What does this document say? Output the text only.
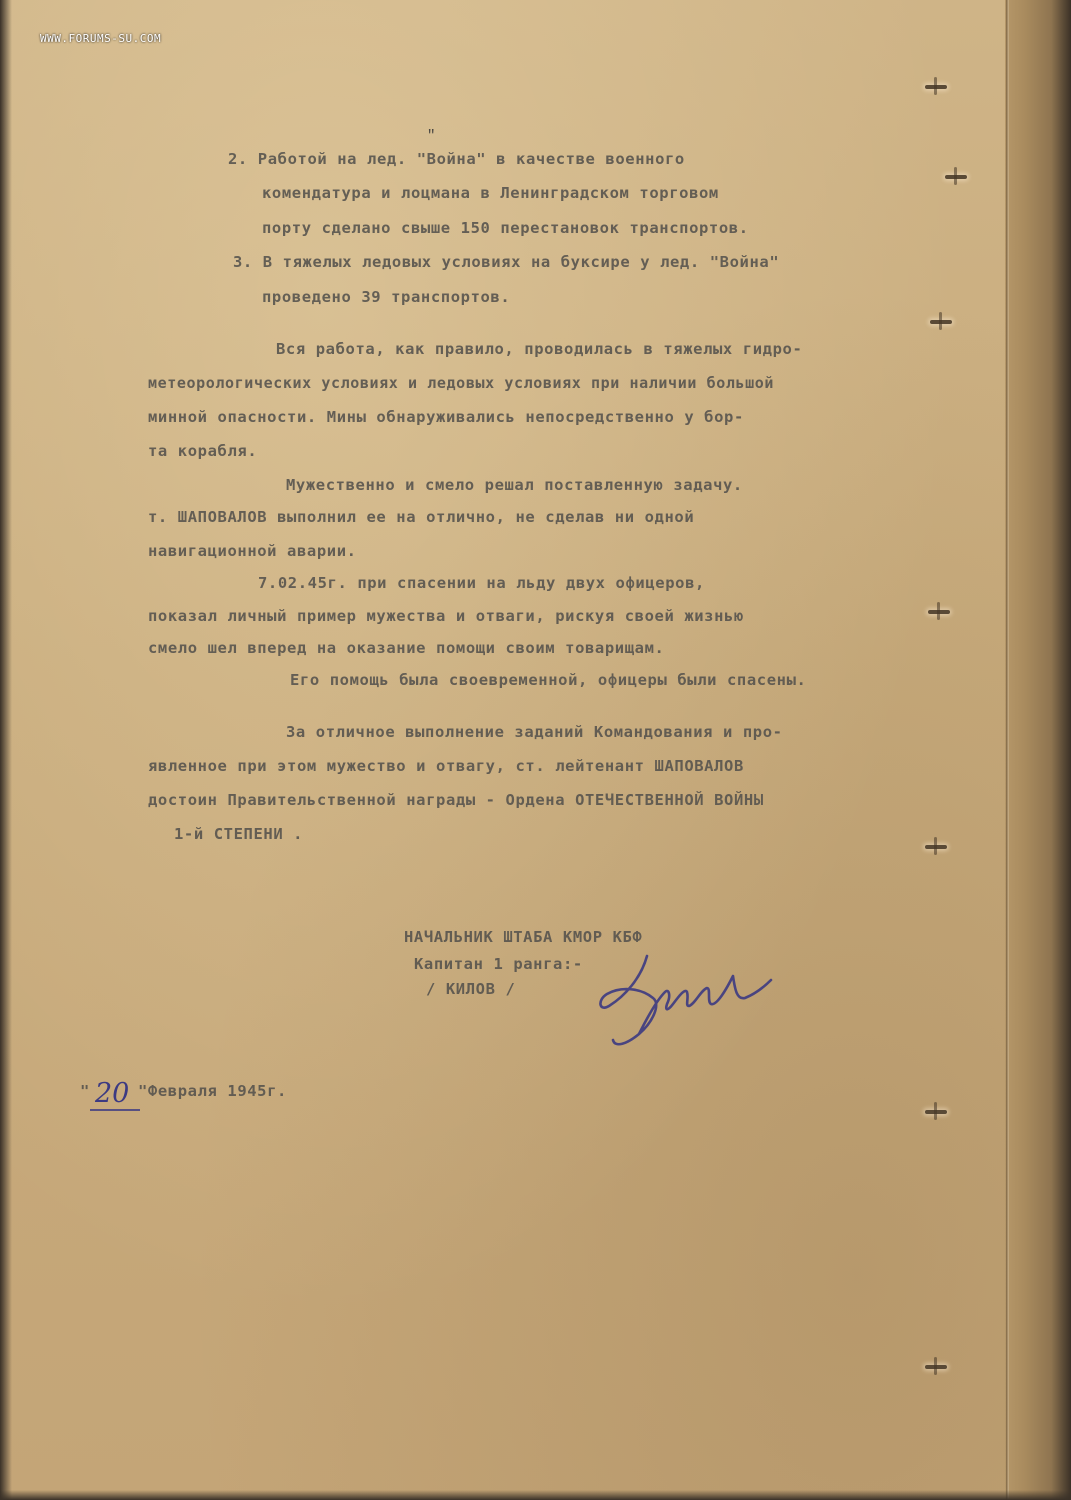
WWW.FORUMS-SU.COM
"
2. Работой на лед. "Война" в качестве военного
комендатура и лоцмана в Ленинградском торговом
порту сделано свыше 150 перестановок транспортов.
3. В тяжелых ледовых условиях на буксире у лед. "Война"
проведено 39 транспортов.
Вся работа, как правило, проводилась в тяжелых гидро-
метеорологических условиях и ледовых условиях при наличии большой
минной опасности. Мины обнаруживались непосредственно у бор-
та корабля.
Мужественно и смело решал поставленную задачу.
т. ШАПОВАЛОВ выполнил ее на отлично, не сделав ни одной
навигационной аварии.
7.02.45г. при спасении на льду двух офицеров,
показал личный пример мужества и отваги, рискуя своей жизнью
смело шел вперед на оказание помощи своим товарищам.
Его помощь была своевременной, офицеры были спасены.
За отличное выполнение заданий Командования и про-
явленное при этом мужество и отвагу, ст. лейтенант ШАПОВАЛОВ
достоин Правительственной награды - Ордена ОТЕЧЕСТВЕННОЙ ВОЙНЫ
1-й СТЕПЕНИ .
НАЧАЛЬНИК ШТАБА КМОР КБФ
Капитан 1 ранга:-
/ КИЛОВ /
" 20 "Февраля 1945г.
